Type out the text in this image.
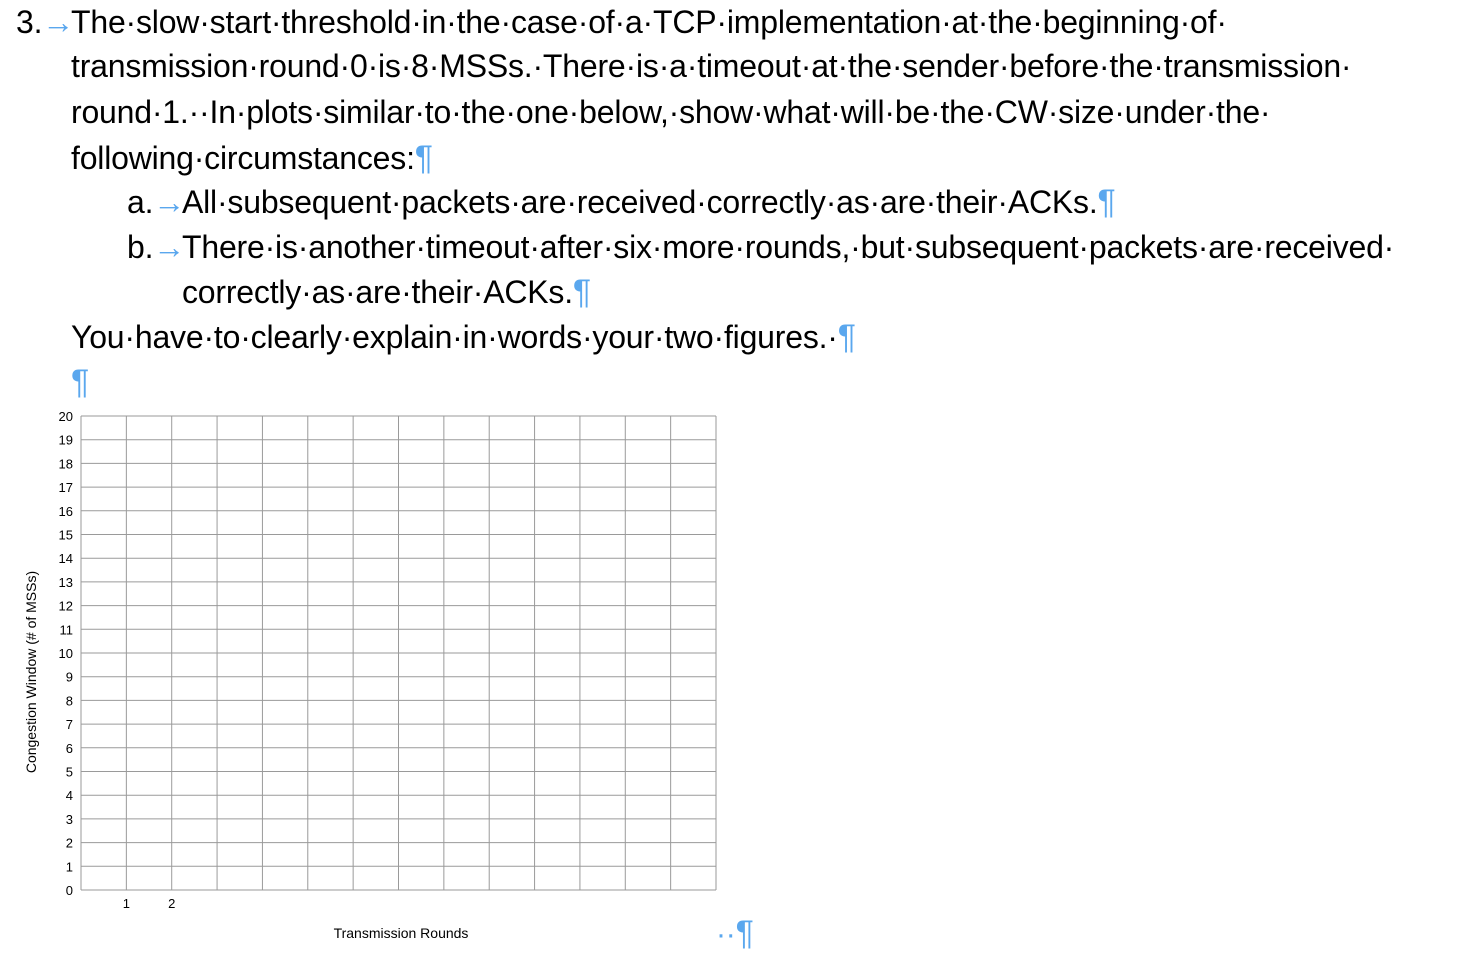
3.→
The·slow·start·threshold·in·the·case·of·a·TCP·implementation·at·the·beginning·of·
transmission·round·0·is·8·MSSs.·There·is·a·timeout·at·the·sender·before·the·transmission·
round·1.··In·plots·similar·to·the·one·below,·show·what·will·be·the·CW·size·under·the·
following·circumstances:¶
a.→
All·subsequent·packets·are·received·correctly·as·are·their·ACKs.¶
b.→
There·is·another·timeout·after·six·more·rounds,·but·subsequent·packets·are·received·
correctly·as·are·their·ACKs.¶
You·have·to·clearly·explain·in·words·your·two·figures.·¶
¶
0
1
2
3
4
5
6
7
8
9
10
11
12
13
14
15
16
17
18
19
20
1	2
Congestion Window (# of MSSs)
Transmission Rounds	··¶
